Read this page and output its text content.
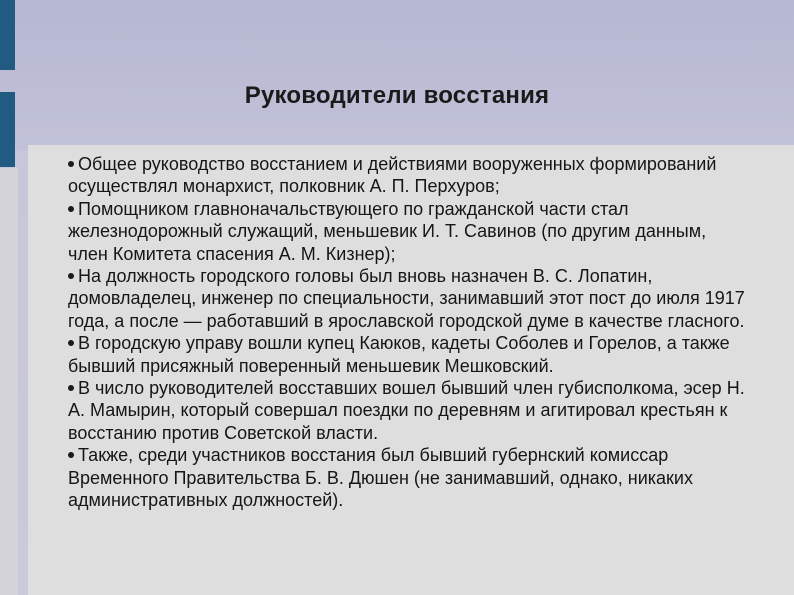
Руководители восстания
Общее руководство восстанием и действиями вооруженных формирований осуществлял монархист, полковник А. П. Перхуров;
Помощником главноначальствующего по гражданской части стал железнодорожный служащий, меньшевик И. Т. Савинов (по другим данным, член Комитета спасения А. М. Кизнер);
На должность городского головы был вновь назначен В. С. Лопатин, домовладелец, инженер по специальности, занимавший этот пост до июля 1917 года, а после — работавший в ярославской городской думе в качестве гласного.
В городскую управу вошли купец Каюков, кадеты Соболев и Горелов, а также бывший присяжный поверенный меньшевик Мешковский.
В число руководителей восставших вошел бывший член губисполкома, эсер Н. А. Мамырин, который совершал поездки по деревням и агитировал крестьян к восстанию против Советской власти.
Также, среди участников восстания был бывший губернский комиссар Временного Правительства Б. В. Дюшен (не занимавший, однако, никаких административных должностей).
